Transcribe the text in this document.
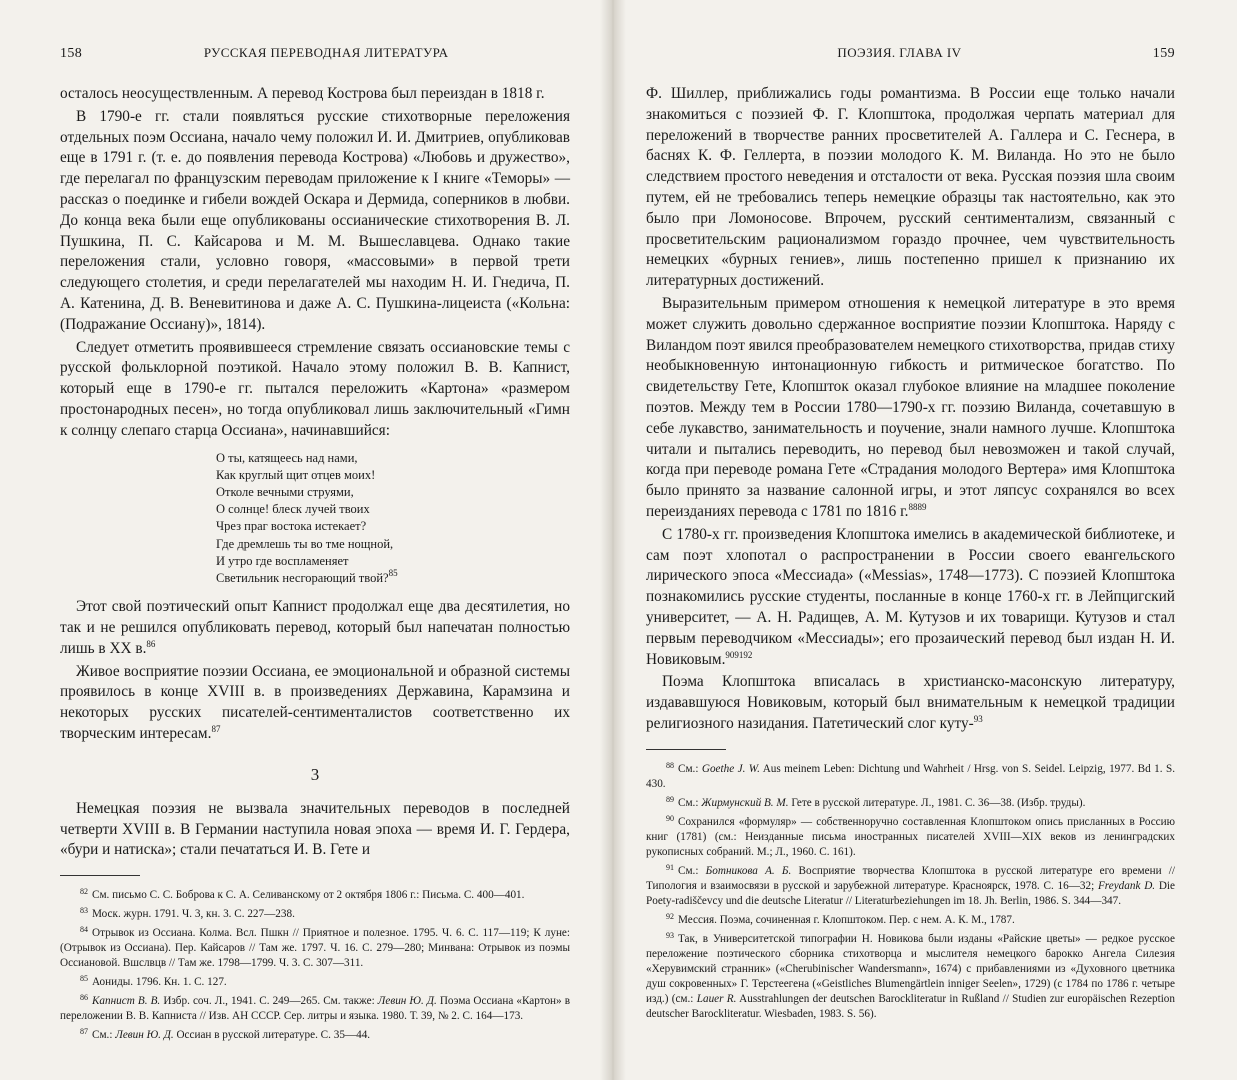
158	РУССКАЯ ПЕРЕВОДНАЯ ЛИТЕРАТУРА

осталось неосуществленным. А перевод Кострова был переиздан в 1818 г.

В 1790-е гг. стали появляться русские стихотворные переложения отдельных поэм Оссиана, начало чему положил И. И. Дмитриев, опубликовав еще в 1791 г. (т. е. до появления перевода Кострова) «Любовь и дружество», где перелагал по французским переводам приложение к I книге «Теморы» — рассказ о поединке и гибели вождей Оскара и Дермида, соперников в любви. До конца века были еще опубликованы оссианические стихотворения В. Л. Пушкина, П. С. Кайсарова и М. М. Вышеславцева. Однако такие переложения стали, условно говоря, «массовыми» в первой трети следующего столетия, и среди перелагателей мы находим Н. И. Гнедича, П. А. Катенина, Д. В. Веневитинова и даже А. С. Пушкина-лицеиста («Кольна: (Подражание Оссиану)», 1814).

Следует отметить проявившееся стремление связать оссиановские темы с русской фольклорной поэтикой. Начало этому положил В. В. Капнист, который еще в 1790-е гг. пытался переложить «Картона» «размером простонародных песен», но тогда опубликовал лишь заключительный «Гимн к солнцу слепаго старца Оссиана», начинавшийся:

О ты, катящеесь над нами,
Как круглый щит отцев моих!
Отколе вечными струями,
О солнце! блеск лучей твоих
Чрез праг востока истекает?
Где дремлешь ты во тме нощной,
И утро где воспламеняет
Светильник несгорающий твой?$^{85}$

Этот свой поэтический опыт Капнист продолжал еще два десятилетия, но так и не решился опубликовать перевод, который был напечатан полностью лишь в XX в.$^{86}$

Живое восприятие поэзии Оссиана, ее эмоциональной и образной системы проявилось в конце XVIII в. в произведениях Державина, Карамзина и некоторых русских писателей-сентименталистов соответственно их творческим интересам.$^{87}$

3

Немецкая поэзия не вызвала значительных переводов в последней четверти XVIII в. В Германии наступила новая эпоха — время И. Г. Гердера, «бури и натиска»; стали печататься И. В. Гете и

$^{82}$ См. письмо С. С. Боброва к С. А. Селиванскому от 2 октября 1806 г.: Письма. С. 400—401.

$^{83}$ Моск. журн. 1791. Ч. 3, кн. 3. С. 227—238.

$^{84}$ Отрывок из Оссиана. Колма. Всл. Пшкн // Приятное и полезное. 1795. Ч. 6. С. 117—119; К луне: (Отрывок из Оссиана). Пер. Кайсаров // Там же. 1797. Ч. 16. С. 279—280; Минвана: Отрывок из поэмы Оссиановой. Вшслвцв // Там же. 1798—1799. Ч. 3. С. 307—311.

$^{85}$ Аониды. 1796. Кн. 1. С. 127.

$^{86}$ Капнист В. В. Избр. соч. Л., 1941. С. 249—265. См. также: Левин Ю. Д. Поэма Оссиана «Картон» в переложении В. В. Капниста // Изв. АН СССР. Сер. литры и языка. 1980. Т. 39, № 2. С. 164—173.

$^{87}$ См.: Левин Ю. Д. Оссиан в русской литературе. С. 35—44.

ПОЭЗИЯ. ГЛАВА IV	159

Ф. Шиллер, приближались годы романтизма. В России еще только начали знакомиться с поэзией Ф. Г. Клопштока, продолжая черпать материал для переложений в творчестве ранних просветителей А. Галлера и С. Геснера, в баснях К. Ф. Геллерта, в поэзии молодого К. М. Виланда. Но это не было следствием простого неведения и отсталости от века. Русская поэзия шла своим путем, ей не требовались теперь немецкие образцы так настоятельно, как это было при Ломоносове. Впрочем, русский сентиментализм, связанный с просветительским рационализмом гораздо прочнее, чем чувствительность немецких «бурных гениев», лишь постепенно пришел к признанию их литературных достижений.

Выразительным примером отношения к немецкой литературе в это время может служить довольно сдержанное восприятие поэзии Клопштока. Наряду с Виландом поэт явился преобразователем немецкого стихотворства, придав стиху необыкновенную интонационную гибкость и ритмическое богатство. По свидетельству Гете, Клопшток оказал глубокое влияние на младшее поколение поэтов. Между тем в России 1780—1790-х гг. поэзию Виланда, сочетавшую в себе лукавство, занимательность и поучение, знали намного лучше. Клопштока читали и пытались переводить, но перевод был невозможен и такой случай, когда при переводе романа Гете «Страдания молодого Вертера» имя Клопштока было принято за название салонной игры, и этот ляпсус сохранялся во всех переизданиях перевода с 1781 по 1816 г.$^{8889}$

С 1780-х гг. произведения Клопштока имелись в академической библиотеке, и сам поэт хлопотал о распространении в России своего евангельского лирического эпоса «Мессиада» («Messias», 1748—1773). С поэзией Клопштока познакомились русские студенты, посланные в конце 1760-х гг. в Лейпцигский университет, — А. Н. Радищев, А. М. Кутузов и их товарищи. Кутузов и стал первым переводчиком «Мессиады»; его прозаический перевод был издан Н. И. Новиковым.$^{909192}$

Поэма Клопштока вписалась в христианско-масонскую литературу, издававшуюся Новиковым, который был внимательным к немецкой традиции религиозного назидания. Патетический слог куту-$^{93}$

$^{88}$ См.: Goethe J. W. Aus meinem Leben: Dichtung und Wahrheit / Hrsg. von S. Seidel. Leipzig, 1977. Bd 1. S. 430.

$^{89}$ См.: Жирмунский В. М. Гете в русской литературе. Л., 1981. С. 36—38. (Избр. труды).

$^{90}$ Сохранился «формуляр» — собственноручно составленная Клопштоком опись присланных в Россию книг (1781) (см.: Неизданные письма иностранных писателей XVIII—XIX веков из ленинградских рукописных собраний. М.; Л., 1960. С. 161).

$^{91}$ См.: Ботникова А. Б. Восприятие творчества Клопштока в русской литературе его времени // Типология и взаимосвязи в русской и зарубежной литературе. Красноярск, 1978. С. 16—32; Freydank D. Die Poety-radiščevcy und die deutsche Literatur // Literaturbeziehungen im 18. Jh. Berlin, 1986. S. 344—347.

$^{92}$ Мессия. Поэма, сочиненная г. Клопштоком. Пер. с нем. А. К. М., 1787.

$^{93}$ Так, в Университетской типографии Н. Новикова были изданы «Райские цветы» — редкое русское переложение поэтического сборника стихотворца и мыслителя немецкого барокко Ангела Силезия «Херувимский странник» («Cherubinischer Wandersmann», 1674) с прибавлениями из «Духовного цветника душ сокровенных» Г. Терстеегена («Geistliches Blumengärtlein inniger Seelen», 1729) (с 1784 по 1786 г. четыре изд.) (см.: Lauer R. Ausstrahlungen der deutschen Barockliteratur in Rußland // Studien zur europäischen Rezeption deutscher Barockliteratur. Wiesbaden, 1983. S. 56).
